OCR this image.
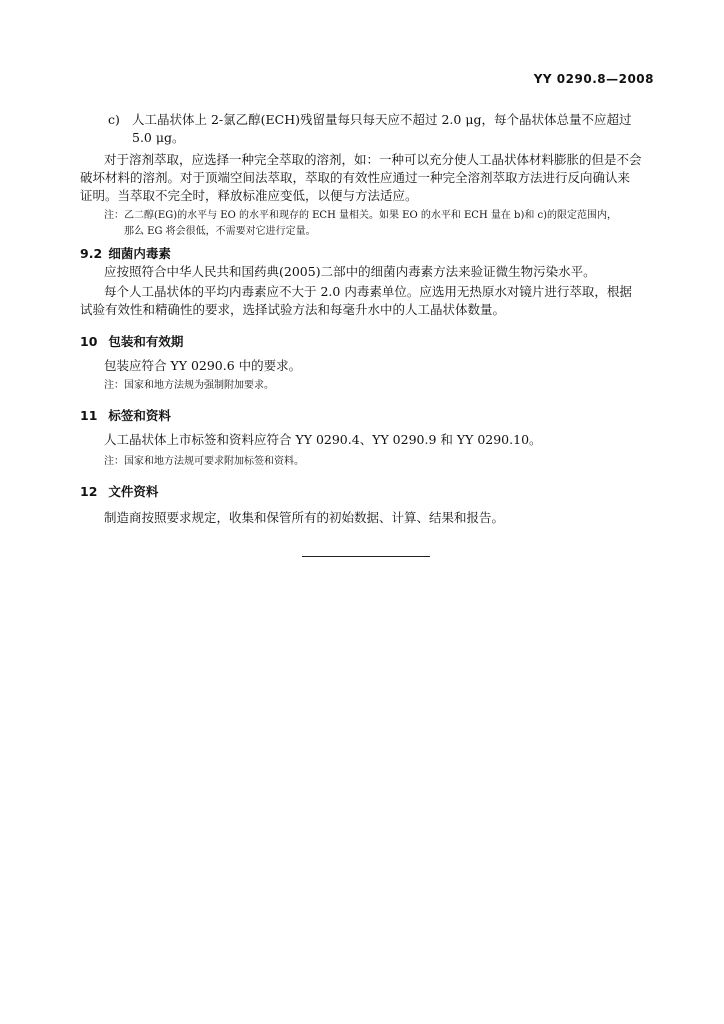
YY 0290.8—2008
c) 人工晶状体上 2-氯乙醇(ECH)残留量每只每天应不超过 2.0 μg，每个晶状体总量不应超过
5.0 μg。
对于溶剂萃取，应选择一种完全萃取的溶剂，如：一种可以充分使人工晶状体材料膨胀的但是不会
破坏材料的溶剂。对于顶端空间法萃取，萃取的有效性应通过一种完全溶剂萃取方法进行反向确认来
证明。当萃取不完全时，释放标准应变低，以便与方法适应。
注：乙二醇(EG)的水平与 EO 的水平和现存的 ECH 量相关。如果 EO 的水平和 ECH 量在 b)和 c)的限定范围内，
那么 EG 将会很低，不需要对它进行定量。
9.2 细菌内毒素
应按照符合中华人民共和国药典(2005)二部中的细菌内毒素方法来验证微生物污染水平。
每个人工晶状体的平均内毒素应不大于 2.0 内毒素单位。应选用无热原水对镜片进行萃取，根据
试验有效性和精确性的要求，选择试验方法和每毫升水中的人工晶状体数量。
10 包装和有效期
包装应符合 YY 0290.6 中的要求。
注：国家和地方法规为强制附加要求。
11 标签和资料
人工晶状体上市标签和资料应符合 YY 0290.4、YY 0290.9 和 YY 0290.10。
注：国家和地方法规可要求附加标签和资料。
12 文件资料
制造商按照要求规定，收集和保管所有的初始数据、计算、结果和报告。
